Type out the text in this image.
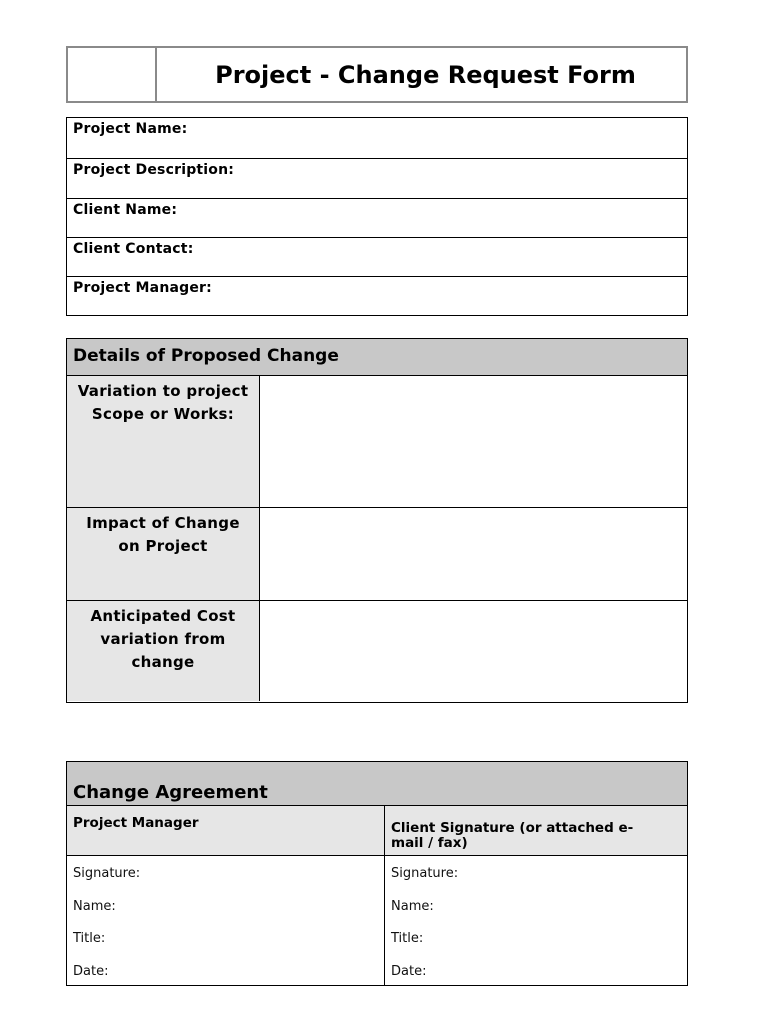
Project - Change Request Form
Project Name:
Project Description:
Client Name:
Client Contact:
Project Manager:
Details of Proposed Change
Variation to project
Scope or Works:
Impact of Change
on Project
Anticipated Cost
variation from
change
Change Agreement
Project Manager
Signature:
Name:
Title:
Date:
Client Signature (or attached e-
mail / fax)
Signature:
Name:
Title:
Date:
